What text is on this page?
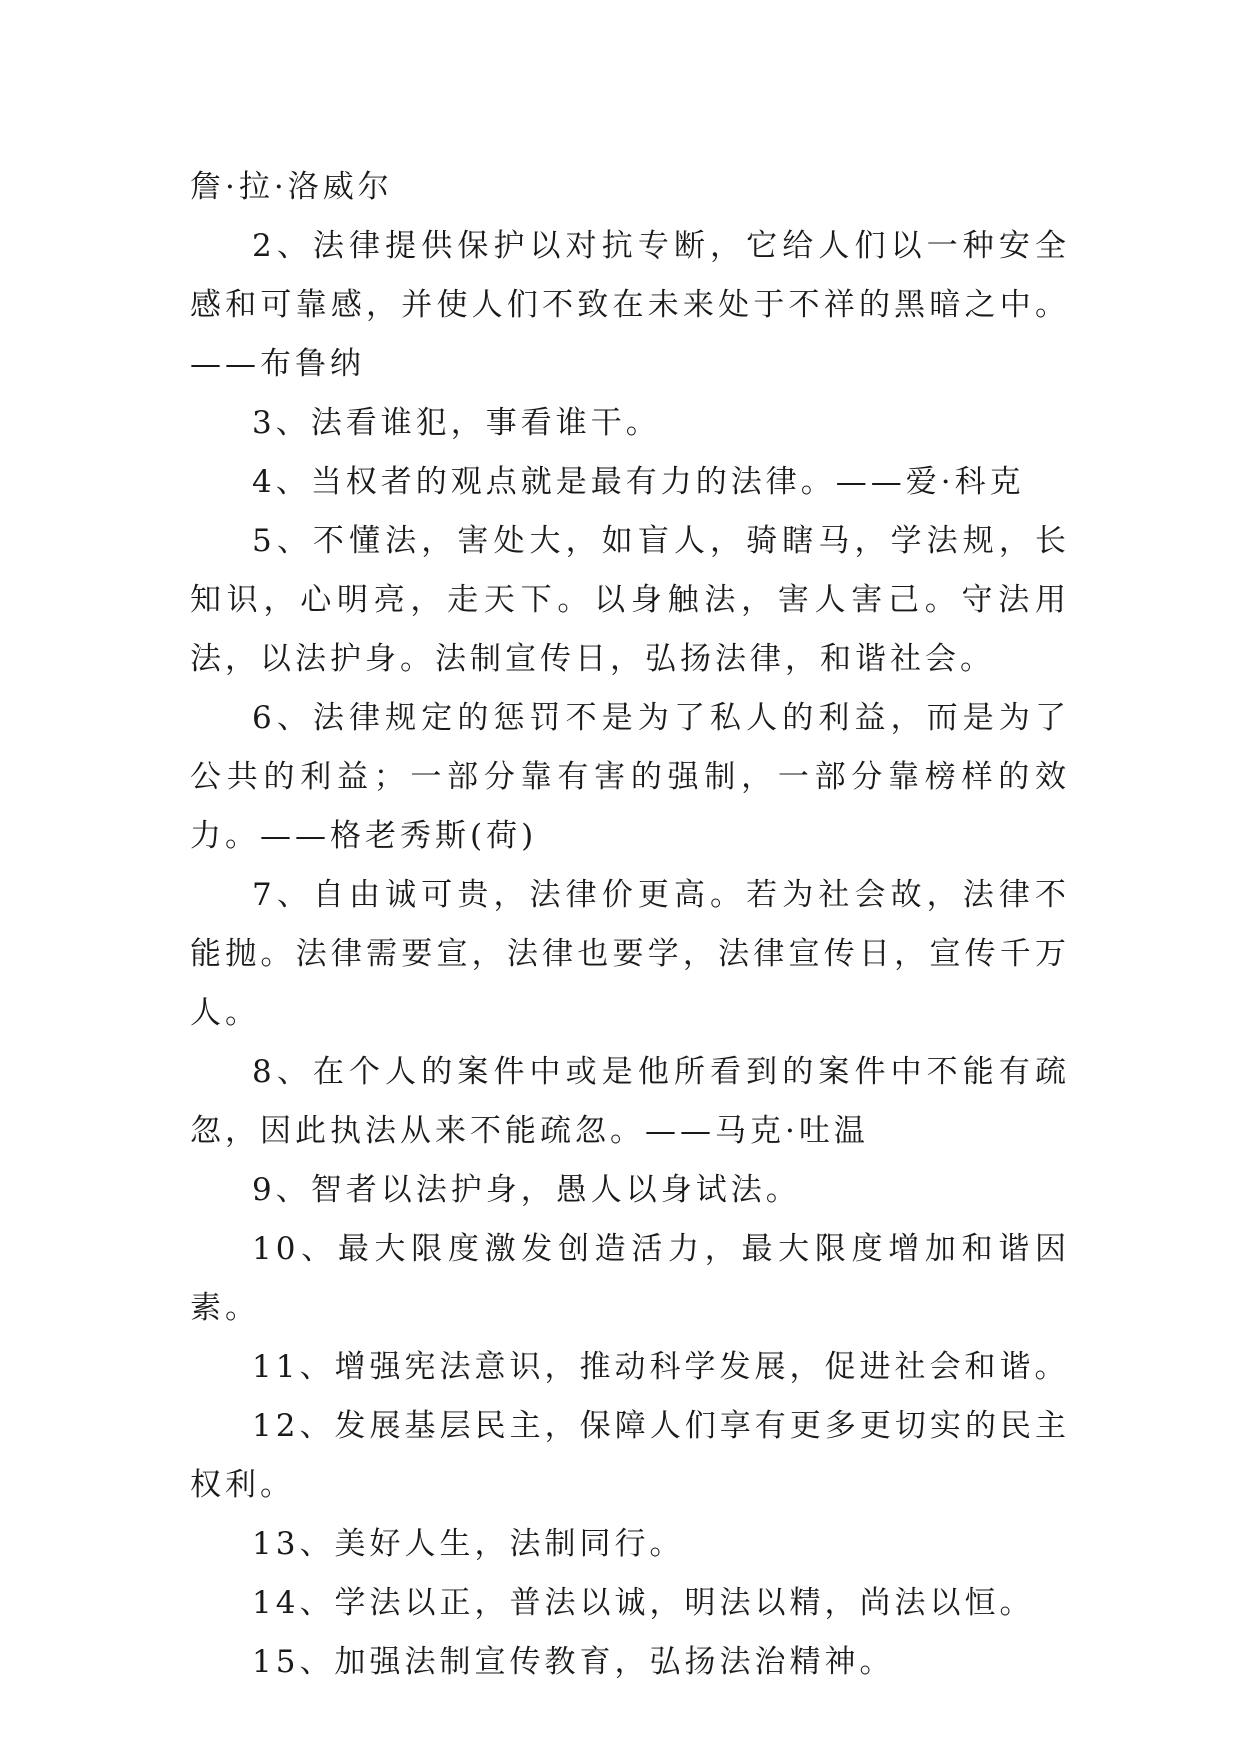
詹·拉·洛威尔

2、法律提供保护以对抗专断，它给人们以一种安全感和可靠感，并使人们不致在未来处于不祥的黑暗之中。——布鲁纳

3、法看谁犯，事看谁干。

4、当权者的观点就是最有力的法律。——爱·科克

5、不懂法，害处大，如盲人，骑瞎马，学法规，长知识，心明亮，走天下。以身触法，害人害己。守法用法，以法护身。法制宣传日，弘扬法律，和谐社会。

6、法律规定的惩罚不是为了私人的利益，而是为了公共的利益；一部分靠有害的强制，一部分靠榜样的效力。——格老秀斯(荷)

7、自由诚可贵，法律价更高。若为社会故，法律不能抛。法律需要宣，法律也要学，法律宣传日，宣传千万人。

8、在个人的案件中或是他所看到的案件中不能有疏忽，因此执法从来不能疏忽。——马克·吐温

9、智者以法护身，愚人以身试法。

10、最大限度激发创造活力，最大限度增加和谐因素。

11、增强宪法意识，推动科学发展，促进社会和谐。

12、发展基层民主，保障人们享有更多更切实的民主权利。

13、美好人生，法制同行。

14、学法以正，普法以诚，明法以精，尚法以恒。

15、加强法制宣传教育，弘扬法治精神。
